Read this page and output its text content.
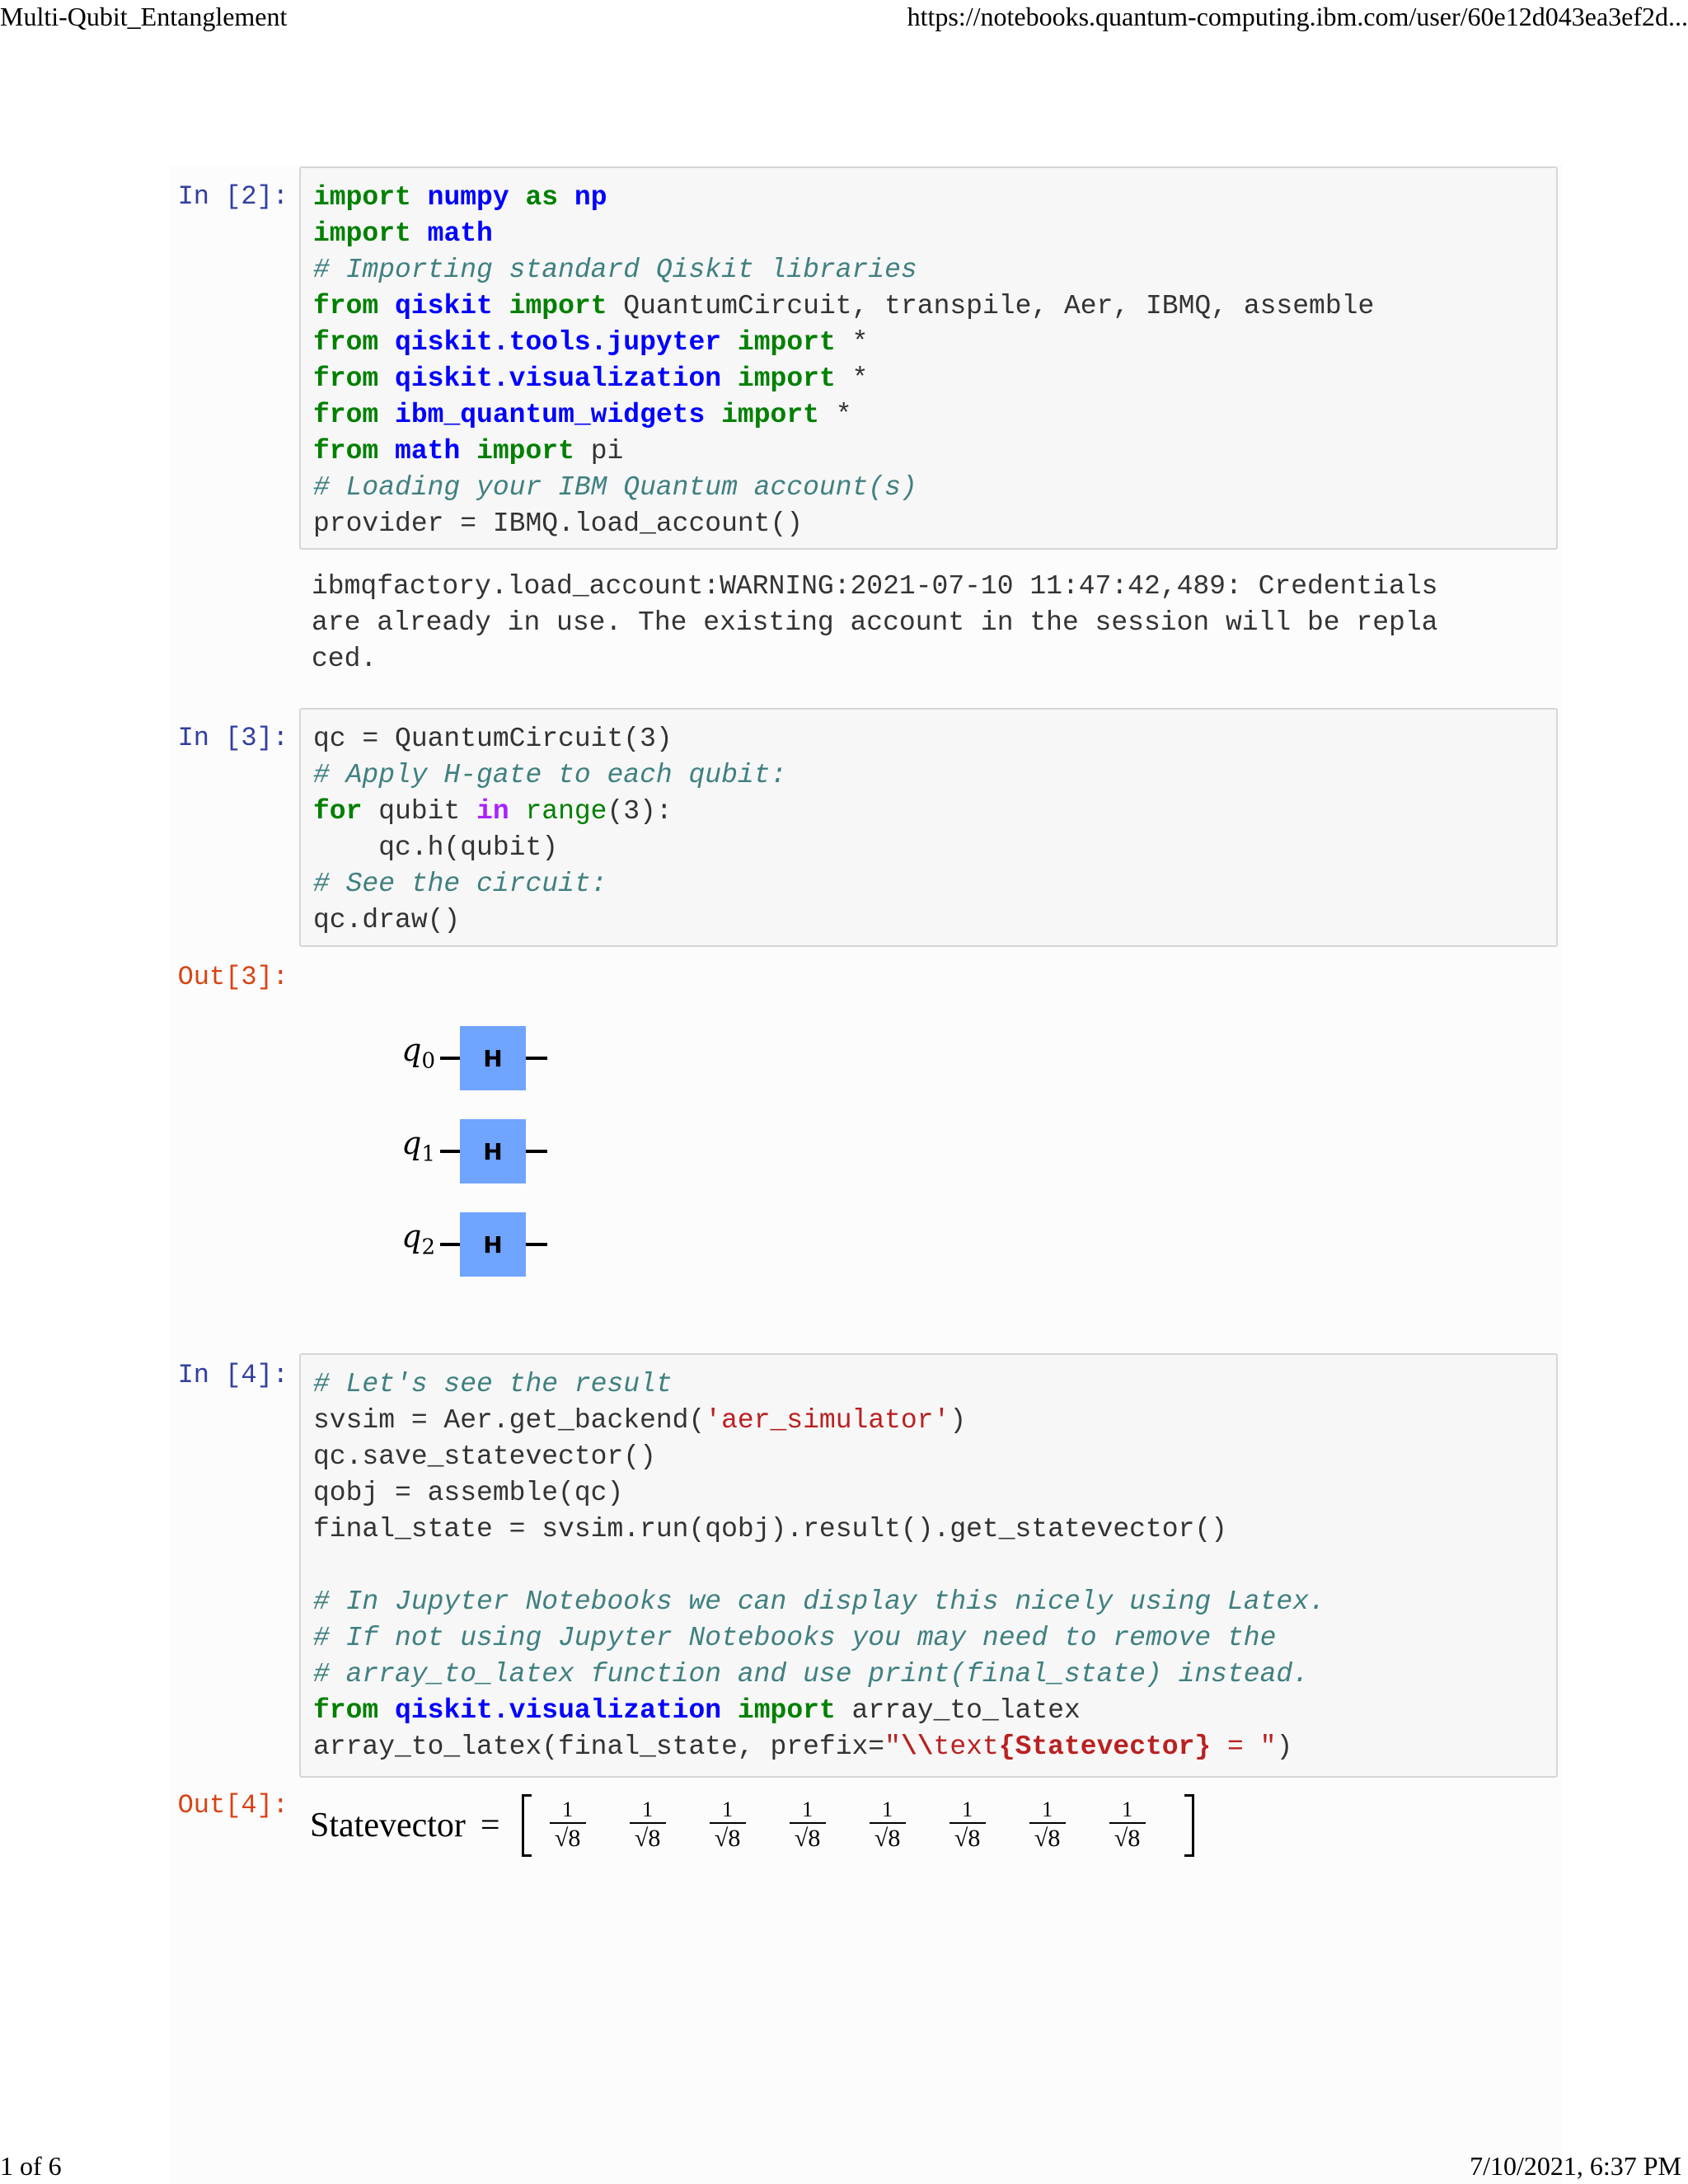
Multi-Qubit_Entanglement	https://notebooks.quantum-computing.ibm.com/user/60e12d043ea3ef2d...
In [2]: import numpy as np
import math
# Importing standard Qiskit libraries
from qiskit import QuantumCircuit, transpile, Aer, IBMQ, assemble
from qiskit.tools.jupyter import *
from qiskit.visualization import *
from ibm_quantum_widgets import *
from math import pi
# Loading your IBM Quantum account(s)
provider = IBMQ.load_account()
ibmqfactory.load_account:WARNING:2021-07-10 11:47:42,489: Credentials
are already in use. The existing account in the session will be repla
ced.
In [3]: qc = QuantumCircuit(3)
# Apply H-gate to each qubit:
for qubit in range(3):
qc.h(qubit)
# See the circuit:
qc.draw()
Out[3]:
$q_0$	H
$q_1$	H
$q_2$	H
In [4]: # Let's see the result
svsim = Aer.get_backend('aer_simulator')
qc.save_statevector()
qobj = assemble(qc)
final_state = svsim.run(qobj).result().get_statevector()

# In Jupyter Notebooks we can display this nicely using Latex.
# If not using Jupyter Notebooks you may need to remove the
# array_to_latex function and use print(final_state) instead.
from qiskit.visualization import array_to_latex
array_to_latex(final_state, prefix="\\text{Statevector} = ")
Out[4]:
Statevector = $\frac{1}{√8} \frac{1}{√8} \frac{1}{√8} \frac{1}{√8} \frac{1}{√8} \frac{1}{√8} \frac{1}{√8} \frac{1}{√8}$
1 of 6	7/10/2021, 6:37 PM
